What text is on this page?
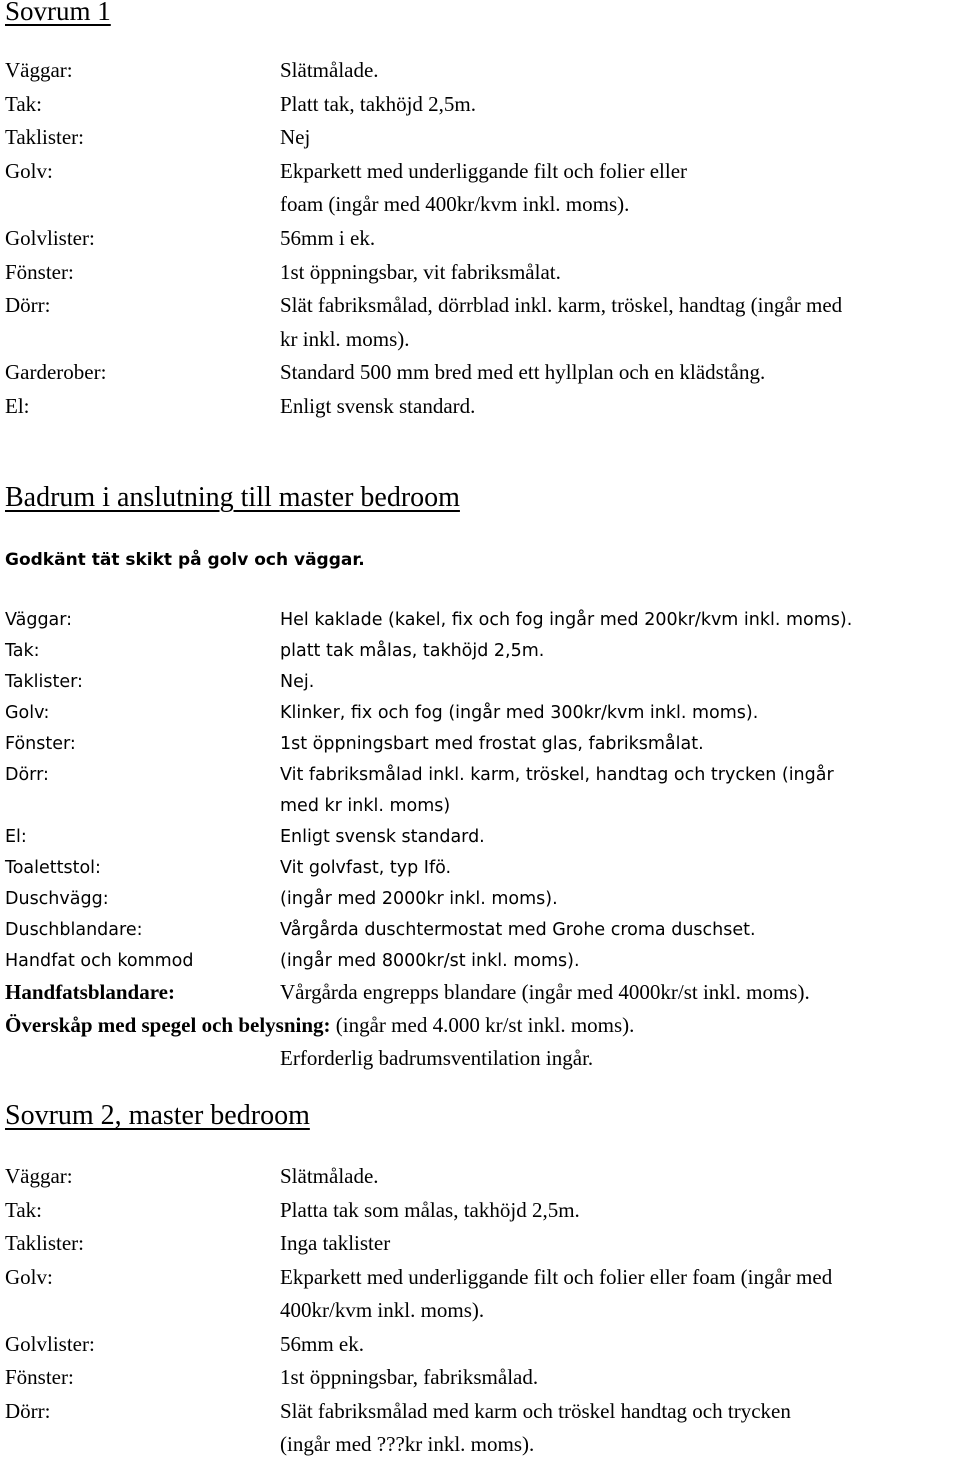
Sovrum 1
Väggar:	Slätmålade.
Tak:	Platt tak, takhöjd 2,5m.
Taklister:	Nej
Golv:	Ekparkett med underliggande filt och folier eller
foam (ingår med 400kr/kvm inkl. moms).
Golvlister:	56mm i ek.
Fönster:	1st öppningsbar, vit fabriksmålat.
Dörr:	Slät fabriksmålad, dörrblad inkl. karm, tröskel, handtag (ingår med
kr inkl. moms).
Garderober:	Standard 500 mm bred med ett hyllplan och en klädstång.
El:	Enligt svensk standard.
Badrum i anslutning till master bedroom
Godkänt tät skikt på golv och väggar.
Väggar:	Hel kaklade (kakel, fix och fog ingår med 200kr/kvm inkl. moms).
Tak:	platt tak målas, takhöjd 2,5m.
Taklister:	Nej.
Golv:	Klinker, fix och fog (ingår med 300kr/kvm inkl. moms).
Fönster:	1st öppningsbart med frostat glas, fabriksmålat.
Dörr:	Vit fabriksmålad inkl. karm, tröskel, handtag och trycken (ingår
med kr inkl. moms)
El:	Enligt svensk standard.
Toalettstol:	Vit golvfast, typ Ifö.
Duschvägg:	(ingår med 2000kr inkl. moms).
Duschblandare:	Vårgårda duschtermostat med Grohe croma duschset.
Handfat och kommod	(ingår med 8000kr/st inkl. moms).
Handfatsblandare:	Vårgårda engrepps blandare (ingår med 4000kr/st inkl. moms).
Överskåp med spegel och belysning: (ingår med 4.000 kr/st inkl. moms).
Erforderlig badrumsventilation ingår.
Sovrum 2, master bedroom
Väggar:	Slätmålade.
Tak:	Platta tak som målas, takhöjd 2,5m.
Taklister:	Inga taklister
Golv:	Ekparkett med underliggande filt och folier eller foam (ingår med
400kr/kvm inkl. moms).
Golvlister:	56mm ek.
Fönster:	1st öppningsbar, fabriksmålad.
Dörr:	Slät fabriksmålad med karm och tröskel handtag och trycken
(ingår med ???kr inkl. moms).
